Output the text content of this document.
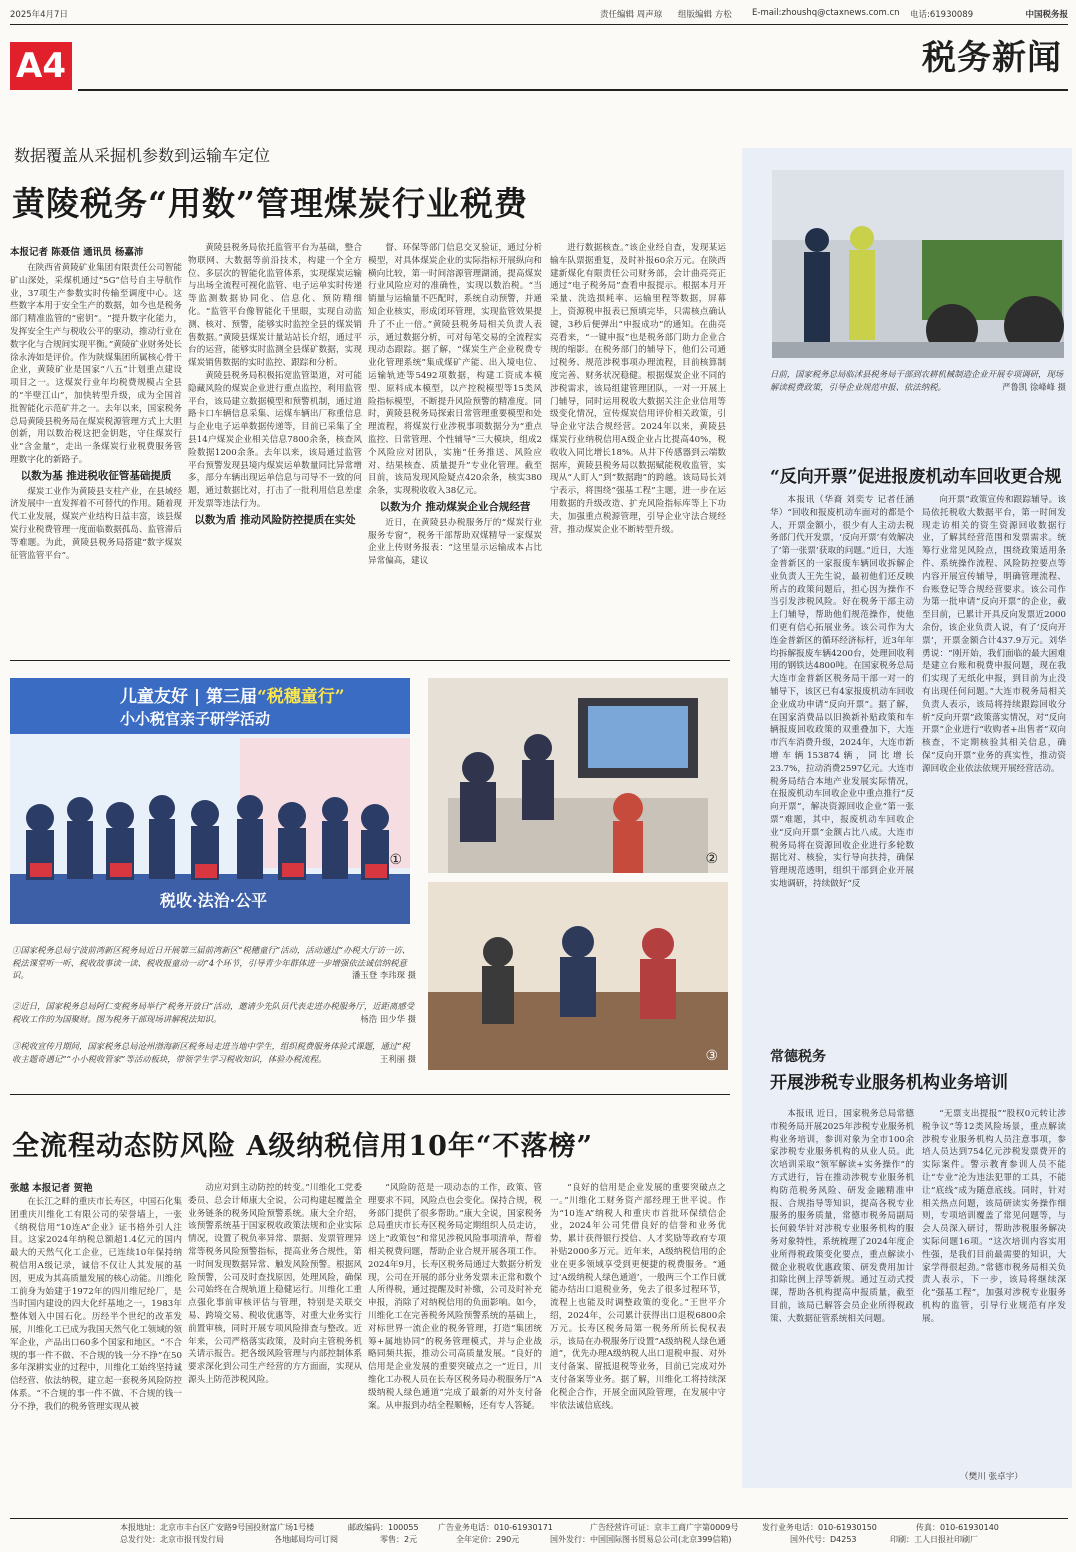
2025年4月7日	责任编辑 周声琼 组版编辑 方松 E-mail:zhoushq@ctaxnews.com.cn 电话:61930089	中国税务报
A4	税务新闻
数据覆盖从采掘机参数到运输车定位
黄陵税务“用数”管理煤炭行业税费
本报记者 陈聂信 通讯员 杨嘉沛

在陕西省黄陵矿业集团有限责任公司智能矿山深处，采煤机通过“5G”信号自主导航作业，37项生产参数实时传输至调度中心。这些数字本用于安全生产的数据，如今也是税务部门精准监管的“密钥”。“提升数字化能力，发挥安全生产与税收公平的驱动，推动行业在数字化与合规间实现平衡。”黄陵矿业财务处长徐永涛如是评价。作为陕煤集团所属核心骨干企业，黄陵矿业是国家“八五”计划重点建设项目之一。这煤炭行业年均税费规模占全县的“半壁江山”，加快转型升级，成为全国首批智能化示范矿井之一。去年以来，国家税务总局黄陵县税务局在煤炭税源管理方式上大胆创新，用以数治税这把金钥匙，守住煤炭行业“含金量”，走出一条煤炭行业税费服务管理数字化的新路子。

以数为基 推进税收征管基础提质

煤炭工业作为黄陵县支柱产业，在县域经济发展中一直发挥着不可替代的作用。随着现代工业发展，煤炭产业结构日益丰富，该县煤炭行业税费管理一度面临数据孤岛、监管滞后等难题。为此，黄陵县税务局搭建“数字煤炭征管监管平台”。

黄陵县税务局依托监管平台为基础，整合物联网、大数据等前沿技术，构建一个全方位、多层次的智能化监管体系，实现煤炭运输与出场全流程可视化监管、电子运单实时传递等监测数据协同化、信息化、预防精细化。“监管平台像智能化千里眼，实现自动监测、核对、预警，能够实时监控全县的煤炭销售数据。”黄陵县煤炭计量站站长介绍，通过平台的运营，能够实时监测全县煤矿数据，实现煤炭销售数据的实时监控、跟踪和分析。

黄陵县税务局积极拓宽监管渠道，对可能隐藏风险的煤炭企业进行重点监控，利用监管平台，该局建立数据模型和预警机制，通过道路卡口车辆信息采集、运煤车辆出厂称重信息与企业电子运单数据传递等，目前已采集了全县14户煤炭企业相关信息7800余条，核查风险数据1200余条。去年以来，该局通过监管平台预警发现县境内煤炭运单数量同比异常增多，部分车辆出现运单信息与司导不一致的问题，通过数据比对，打击了一批利用信息差虚开发票等违法行为。

以数为盾 推动风险防控提质在实处

督、环保等部门信息交叉验证，通过分析模型，对具体煤炭企业的实际指标开展纵向和横向比较，第一时间溶源管理湖涌，提高煤炭行业风险应对的准确性，实现以数治税。“当销量与运输量不匹配时，系统自动预警，并通知企业核实，形成闭环管理，实现监管效果提升了不止一倍。”黄陵县税务局相关负责人表示，通过数据分析，可对每笔交易的全流程实现动态跟踪。据了解，“煤炭生产企业税费专业化管理系统”集成煤矿产能、出入境电位、运输轨迹等5492项数据，构建工资成本模型、原料成本模型，以产控税模型等15类风险指标模型，不断提升风险预警的精准度。同时，黄陵县税务局探索日常管理重要模型和处理流程，将煤炭行业涉税事项数据分为“重点监控、日常管理、个性辅导”三大模块，组成2个风险应对团队，实施“任务推送、风险应对、结果核查、质量提升”专业化管理。截至目前，该局发现风险疑点420余条，核实380余条，实现税收收入38亿元。

以数为介 推动煤炭企业合规经营

近日，在黄陵县办税服务厅的“煤炭行业服务专窗”，税务干部帮助双煤精导一家煤炭企业上传财务报表：“这里显示运输成本占比异常偏高，建议

进行数据核查。”该企业经自查，发现某运输车队票据重复，及时补报60余万元。在陕西建新煤化有限责任公司财务部，会计曲亮亮正通过“电子税务局”查看申报提示。根据本月开采量、洗选损耗率、运输里程等数据，屏幕上，资源税申报表已预填完毕，只需核点确认键，3秒后便弹出“申报成功”的通知。在曲亮亮看来，“一键申报”也是税务部门助力企业合规的缩影。在税务部门的辅导下，他们公司通过税务、规范涉税事项办理流程，目前核算制度完善、财务状况稳健。根据煤炭企业不同的涉税需求，该局组建管理团队，一对一开展上门辅导，同时运用税收大数据关注企业信用等级变化情况，宣传煤炭信用评价相关政策，引导企业守法合规经营。2024年以来，黄陵县煤炭行业纳税信用A级企业占比提高40%，税收收入同比增长18%。从井下传感器到云端数据库，黄陵县税务局以数据赋能税收监管，实现从“人盯人”到“数据跑”的跨越。该局局长刘宁表示，将围绕“强基工程”主题，进一步在运用数据的升级改造、扩充风险指标库等上下功夫，加强重点税源管理，引导企业守法合规经营，推动煤炭企业不断转型升级。

儿童友好 | 第三届“税穗童行”
小小税官亲子研学活动
税收·法治·公平
①	②
③
①国家税务总局宁波前湾新区税务局近日开展第三届前湾新区“税穗童行”活动，活动通过“办税大厅访一访、税法课堂听一听、税收故事读一读、税收报童动一动”4个环节，引导青少年群体进一步增强依法诚信纳税意识。	潘玉登 李玮琛 摄
②近日，国家税务总局阿仁变税务局举行“税务开放日”活动，邀请少先队员代表走进办税服务厅，近距离感受税收工作的为国聚财。图为税务干部现场讲解税法知识。	杨浩 田少华 摄
③税收宣传月期间，国家税务总局沧州渤海新区税务局走进当地中学生，组织税费服务体验式课题，通过“税收主题奇遇记”“小小税收管家”等活动板块，带领学生学习税收知识，体验办税流程。	王利丽 摄
全流程动态防风险 A级纳税信用10年“不落榜”
张越 本报记者 贺艳

在长江之畔的重庆市长寿区，中国石化集团重庆川维化工有限公司的荣誉墙上，一张《纳税信用“10连A”企业》证书格外引人注目。这家2024年纳税总额超1.4亿元的国内最大的天然气化工企业，已连续10年保持纳税信用A级记录，诚信不仅让人其发展的基因，更成为其高质量发展的核心动能。川维化工前身为始建于1972年的四川维尼纶厂，是当时国内建设的四大化纤基地之一，1983年整体划入中国石化。历经半个世纪的改革发展，川维化工已成为我国天然气化工领域的领军企业，产品出口60多个国家和地区。“不合规的事一件不做、不合规的钱一分不挣”在50多年深耕实业的过程中，川维化工始终坚持诚信经营、依法纳税，建立起一套税务风险防控体系。“不合规的事一件不做、不合规的钱一分不挣，我们的税务管理实现从被

动应对到主动防控的转变。”川维化工党委委员、总会计师康大全说，公司构建起覆盖全业务链条的税务风险预警系统。康大全介绍，该预警系统基于国家税收政策法规和企业实际情况，设置了税负率异常、票据、发票管理异常等税务风险预警指标，提高业务合规性，第一时间发现数据异常、触发风险预警。根据风险预警，公司及时查找原因，处理风险，确保公司始终在合规轨道上稳健运行。川维化工重点强化事前审核评估与管理，特别是关联交易、跨境交易、税收优惠等，对重大业务实行前置审核，同时开展专项风险排查与整改。近年来，公司严格落实政策，及时向主管税务机关请示报告。把各级风险管理与内部控制体系要求深化到公司生产经营的方方面面，实现从源头上防范涉税风险。

“风险防范是一项动态的工作，政策、管理要求不同，风险点也会变化。保持合规，税务部门提供了很多帮助。”康大全说，国家税务总局重庆市长寿区税务局定期组织人员走访，送上“政策包”和常见涉税风险事项清单，帮着相关税费问题，帮助企业合规开展各项工作。2024年9月，长寿区税务局通过大数据分析发现，公司在开展的部分业务发票未正常和数个人所得税，通过提醒及时补缴，公司及时补充申报，消除了对纳税信用的负面影响。如今，川维化工在完善税务风险预警系统的基础上，对标世界一流企业的税务管理，打造“集团统筹+属地协同”的税务管理模式，并与企业战略同频共振，推动公司高质量发展。“良好的信用是企业发展的重要突破点之一”近日，川维化工办税人员在长寿区税务局办税服务厅“A级纳税人绿色通道”完成了最新的对外支付备案。从申报到办结全程顺畅，还有专人答疑。

“良好的信用是企业发展的重要突破点之一。”川维化工财务资产部经理王世平说。作为“10连A”纳税人和重庆市首批环保绩信企业，2024年公司凭借良好的信誉和业务优势，累计获得银行授信、人才奖励等政府专项补贴2000多万元。近年来，A级纳税信用的企业在更多领域享受到更便捷的税费服务。“通过‘A级纳税人绿色通道’，一般两三个工作日就能办结出口退税业务，免去了很多过程环节，流程上也能及时调整政策的变化。”王世平介绍，2024年，公司累计获得出口退税6800余万元。长寿区税务局第一税务所所长倪权表示，该局在办税服务厅设置“A级纳税人绿色通道”，优先办理A级纳税人出口退税申报、对外支付备案、留抵退税等业务，目前已完成对外支付备案等业务。据了解，川维化工将持续深化税企合作，开展全面风险管理，在发展中守牢依法诚信底线。

日前，国家税务总局临沭县税务局干部到农耕机械制造企业开展专项调研，现场解读税费政策，引导企业规范申报、依法纳税。	严鲁凯 徐峰峰 摄
“反向开票”促进报废机动车回收更合规

本报讯（华裔 刘奕专 记者任涵华）“回收和报废机动车面对的都是个人，开票金额小，很少有人主动去税务部门代开发票，‘反向开票’有效解决了‘第一张票’获取的问题。”近日，大连金普新区的一家报废车辆回收拆解企业负责人王先生说，最初他们还反映所占的政策问题后，担心因为操作不当引发涉税风险。好在税务干部主动上门辅导，帮助他们规范操作，使他们更有信心拓展业务。该公司作为大连金普新区的循环经济标杆，近3年年均拆解报废车辆4200台，处理回收利用的钢铁达4800吨。在国家税务总局大连市金普新区税务局干部一对一的辅导下，该区已有4家报废机动车回收企业成功申请“反向开票”。据了解，在国家消费品以旧换新补贴政策和车辆报废回收政策的双重叠加下，大连市汽车消费升级，2024年，大连市新增车辆153874辆，同比增长23.7%，拉动消费2597亿元。大连市税务局结合本地产业发展实际情况，在报废机动车回收企业中重点推行“反向开票”，解决资源回收企业“第一张票”难题，其中，报废机动车回收企业“反向开票”金额占比八成。大连市税务局将在资源回收企业进行多轮数据比对、核验，实行导向扶持，确保管理规范透明，组织干部到企业开展实地调研，持续做好“反

向开票”政策宣传和跟踪辅导。该局依托税收大数据平台，第一时间发现走访相关的资生资源回收数据行业，了解其经营范围和发票需求。统筹行业常见风险点，围绕政策适用条件、系统操作流程、风险防控要点等内容开展宣传辅导，明确管理流程、台账登记等合规经营要求。该公司作为第一批申请“反向开票”的企业，截至目前，已累计开具反向发票近2000余份，该企业负责人说，有了‘反向开票’，开票金额合计437.9万元。刘华勇说：“刚开始，我们面临的最大困难是建立台账和税费申报问题，现在我们实现了无纸化申报，到目前为止没有出现任何问题。”大连市税务局相关负责人表示，该局将持续跟踪回收分析“反向开票”政策落实情况，对“反向开票”企业进行“收购者+出售者”双向核查，不定期核验其相关信息，确保“反向开票”业务的真实性，推动资源回收企业依法依规开展经营活动。

常德税务
开展涉税专业服务机构业务培训

本报讯 近日，国家税务总局常德市税务局开展2025年涉税专业服务机构业务培训，参训对象为全市100余家涉税专业服务机构的从业人员。此次培训采取“领军解读+实务操作”的方式进行，旨在推动涉税专业服务机构防范税务风险、研发金融精准申报、合规指导等知识，提高各税专业服务的服务质量，常德市税务局副局长何毅华针对涉税专业服务机构的服务对象特性，系统梳理了2024年度企业所得税政策变化要点，重点解读小微企业税收优惠政策、研发费用加计扣除比例上浮等新规。通过互动式授课，帮助各机构提高申报质量，截至目前，该局已解答会员企业所得税政策、大数据征管系统相关问题。

“无票支出提报”“股权0元转让涉税争议”等12类风险场景，重点解读涉税专业服务机构人员注意事项，参培人员达到754亿元涉税发票费开的实际案件。警示教育参训人员不能让“专业”沦为违法犯罪的工具，不能让“底线”成为随意底线。同时，针对相关热点问题，该局研读实务操作细则，专项培训覆盖了常见问题等，与会人员深入研讨，帮助涉税服务解决实际问题16项。“这次培训内容实用性强，是我们目前最需要的知识，大家学得很起劲。”常德市税务局相关负责人表示，下一步，该局将继续深化“强基工程”，加强对涉税专业服务机构的监管，引导行业规范有序发展。

（樊川 张卓宇）
本报地址：北京市丰台区广安路9号国投财富广场1号楼	邮政编码：100055 广告业务电话：010-61930171	广告经营许可证：京丰工商广字第0009号	发行业务电话：010-61930150	传真：010-61930140
总发行处：北京市报刊发行局	各地邮局均可订阅	零售：2元	全年定价：290元	国外发行：中国国际图书贸易总公司(北京399信箱)	国外代号：D4253	印刷：工人日报社印刷厂
